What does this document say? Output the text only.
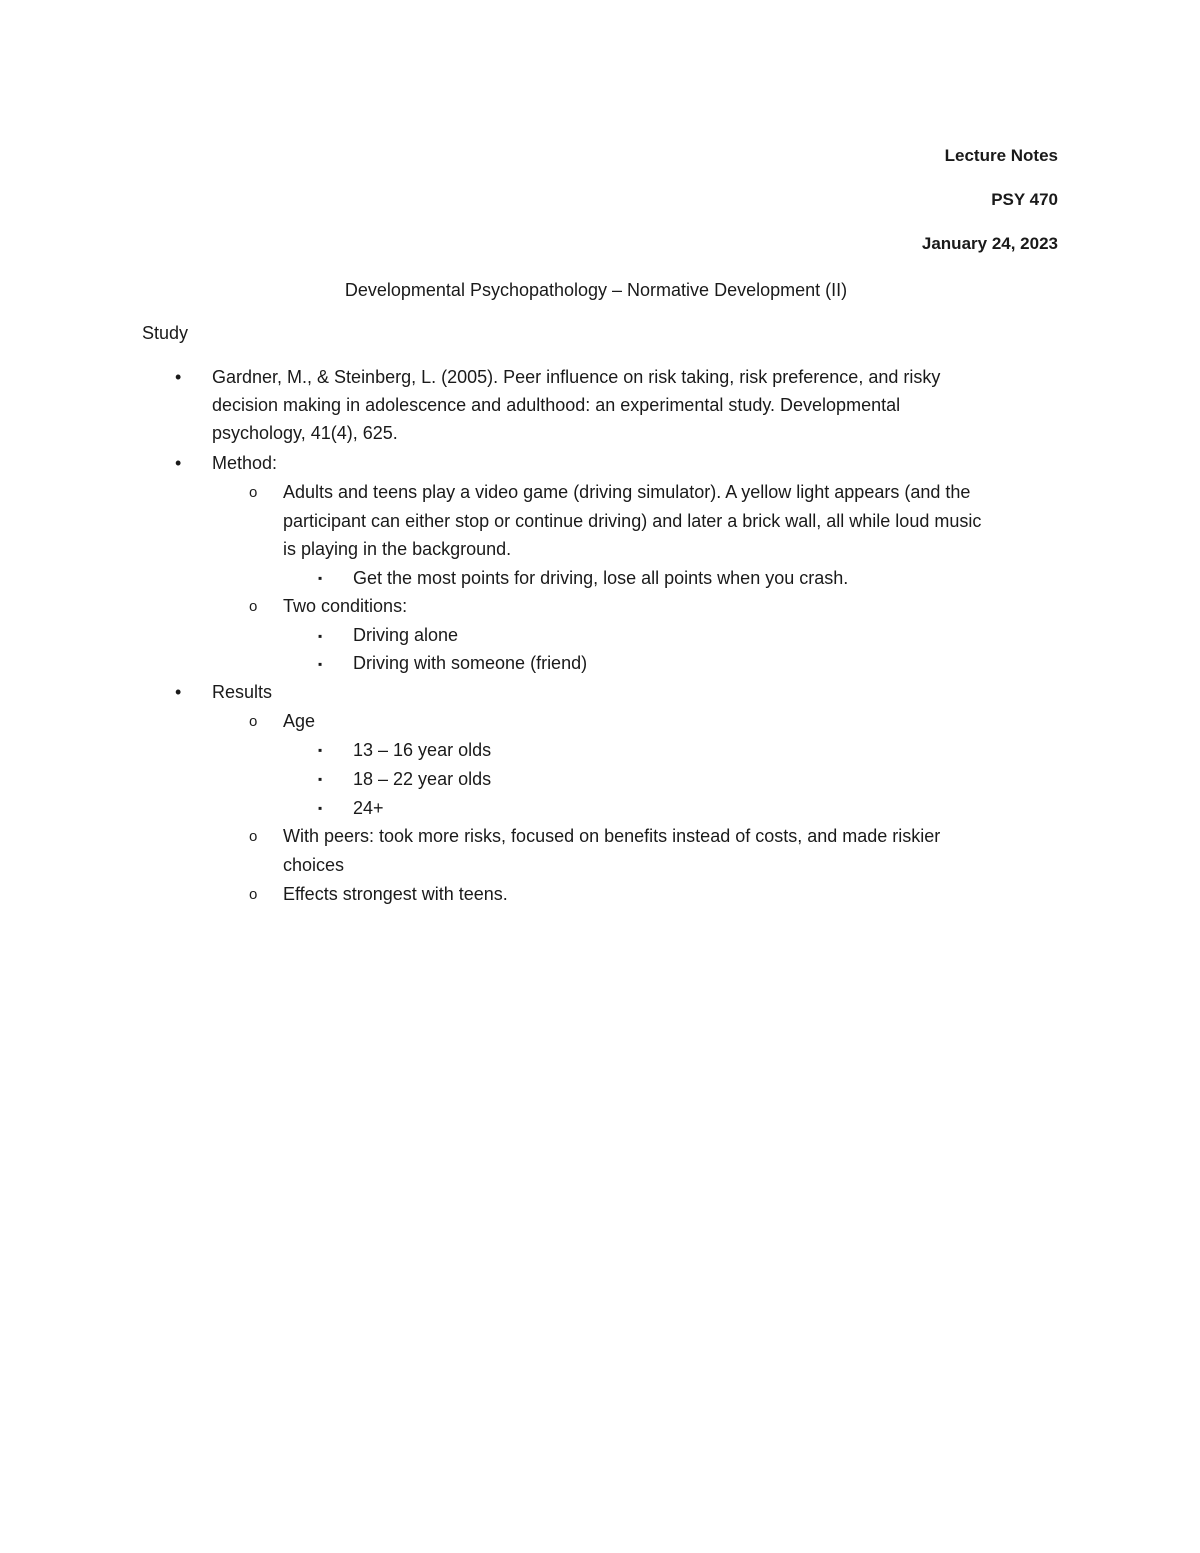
Lecture Notes
PSY 470
January 24, 2023
Developmental Psychopathology – Normative Development (II)
Study
• Gardner, M., & Steinberg, L. (2005). Peer influence on risk taking, risk preference, and risky
decision making in adolescence and adulthood: an experimental study. Developmental
psychology, 41(4), 625.
• Method:
o Adults and teens play a video game (driving simulator). A yellow light appears (and the
participant can either stop or continue driving) and later a brick wall, all while loud music
is playing in the background.
▪ Get the most points for driving, lose all points when you crash.
o Two conditions:
▪ Driving alone
▪ Driving with someone (friend)
• Results
o Age
▪ 13 – 16 year olds
▪ 18 – 22 year olds
▪ 24+
o With peers: took more risks, focused on benefits instead of costs, and made riskier
choices
o Effects strongest with teens.
